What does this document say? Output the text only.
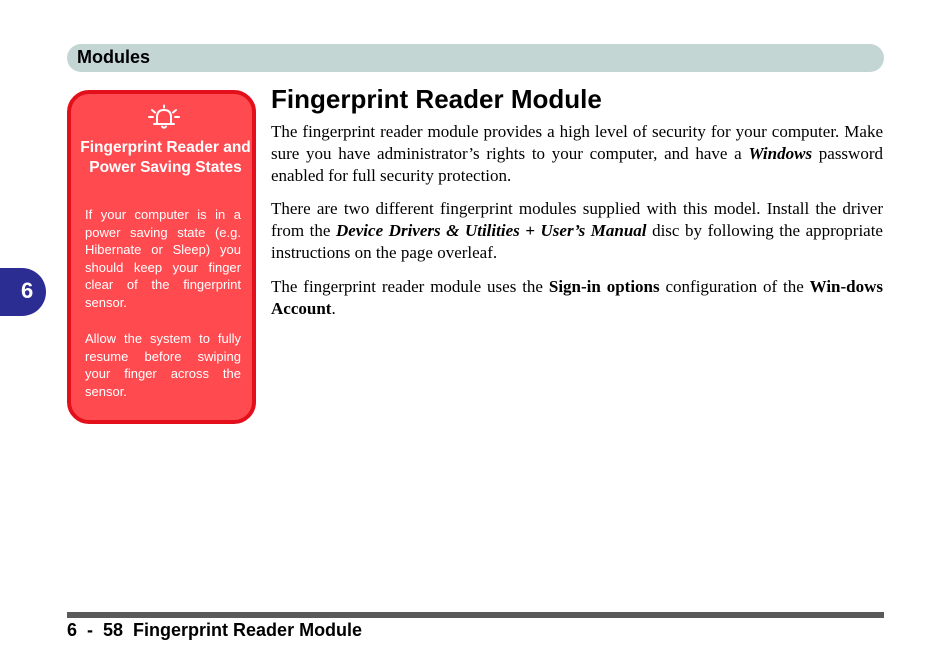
Modules
6
Fingerprint Reader and Power Saving States
If your computer is in a power saving state (e.g. Hibernate or Sleep) you should keep your finger clear of the fingerprint sensor.
Allow the system to fully resume before swiping your finger across the sensor.
Fingerprint Reader Module

The fingerprint reader module provides a high level of security for your computer. Make sure you have administrator’s rights to your computer, and have a Windows password enabled for full security protection.

There are two different fingerprint modules supplied with this model. Install the driver from the Device Drivers & Utilities + User’s Manual disc by following the appropriate instructions on the page overleaf.

The fingerprint reader module uses the Sign-in options configuration of the Win-dows Account.

6  -  58 Fingerprint Reader Module
